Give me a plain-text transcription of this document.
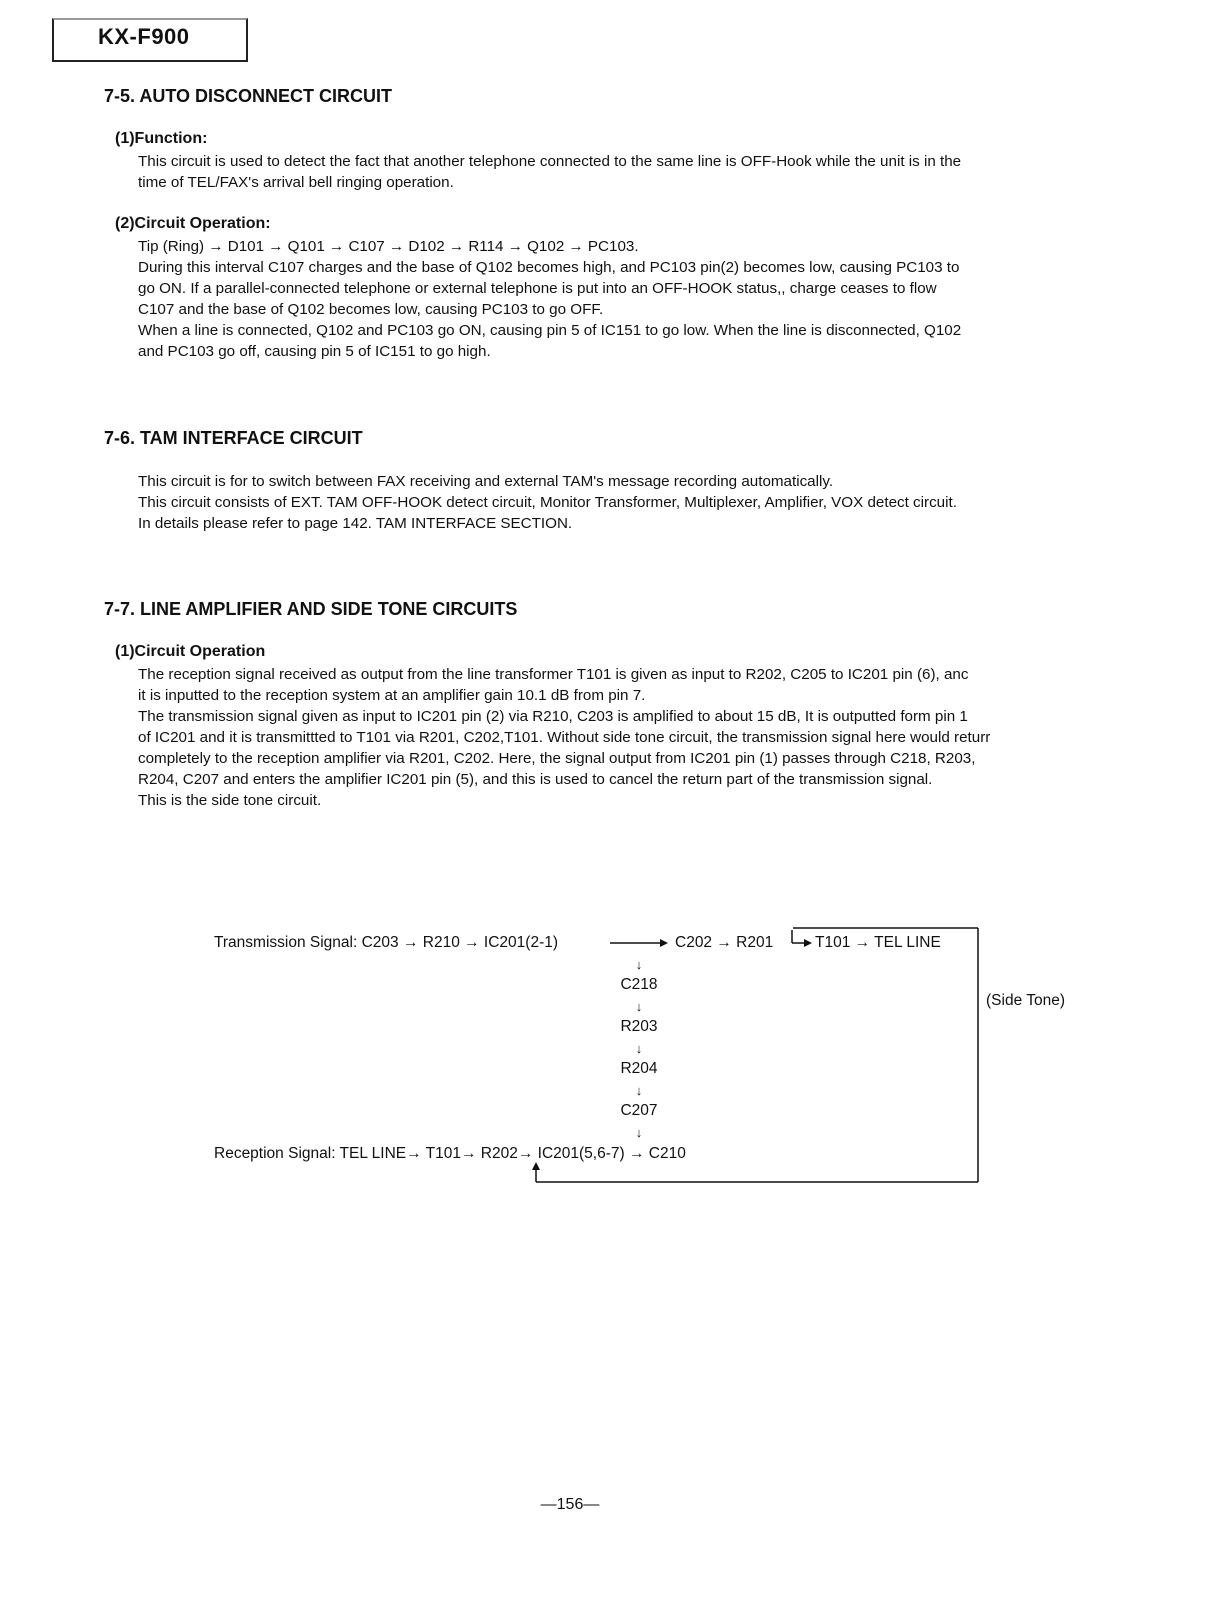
KX-F900
7-5. AUTO DISCONNECT CIRCUIT
(1)Function:
This circuit is used to detect the fact that another telephone connected to the same line is OFF-Hook while the unit is in the
time of TEL/FAX's arrival bell ringing operation.
(2)Circuit Operation:
Tip (Ring) → D101 → Q101 → C107 → D102 → R114 → Q102 → PC103.
During this interval C107 charges and the base of Q102 becomes high, and PC103 pin(2) becomes low, causing PC103 to
go ON. If a parallel-connected telephone or external telephone is put into an OFF-HOOK status,, charge ceases to flow
C107 and the base of Q102 becomes low, causing PC103 to go OFF.
When a line is connected, Q102 and PC103 go ON, causing pin 5 of IC151 to go low. When the line is disconnected, Q102
and PC103 go off, causing pin 5 of IC151 to go high.
7-6. TAM INTERFACE CIRCUIT
This circuit is for to switch between FAX receiving and external TAM's message recording automatically.
This circuit consists of EXT. TAM OFF-HOOK detect circuit, Monitor Transformer, Multiplexer, Amplifier, VOX detect circuit.
In details please refer to page 142. TAM INTERFACE SECTION.
7-7. LINE AMPLIFIER AND SIDE TONE CIRCUITS
(1)Circuit Operation
The reception signal received as output from the line transformer T101 is given as input to R202, C205 to IC201 pin (6), anc
it is inputted to the reception system at an amplifier gain 10.1 dB from pin 7.
The transmission signal given as input to IC201 pin (2) via R210, C203 is amplified to about 15 dB, It is outputted form pin 1
of IC201 and it is transmittted to T101 via R201, C202,T101. Without side tone circuit, the transmission signal here would returr
completely to the reception amplifier via R201, C202. Here, the signal output from IC201 pin (1) passes through C218, R203,
R204, C207 and enters the amplifier IC201 pin (5), and this is used to cancel the return part of the transmission signal.
This is the side tone circuit.
Transmission Signal: C203 → R210 → IC201(2-1)	C202 → R201	T101 → TEL LINE
↓
C218
↓
R203
↓
R204
↓
C207
↓
Reception Signal: TEL LINE→ T101→ R202→ IC201(5,6-7) → C210
(Side Tone)
—156—
